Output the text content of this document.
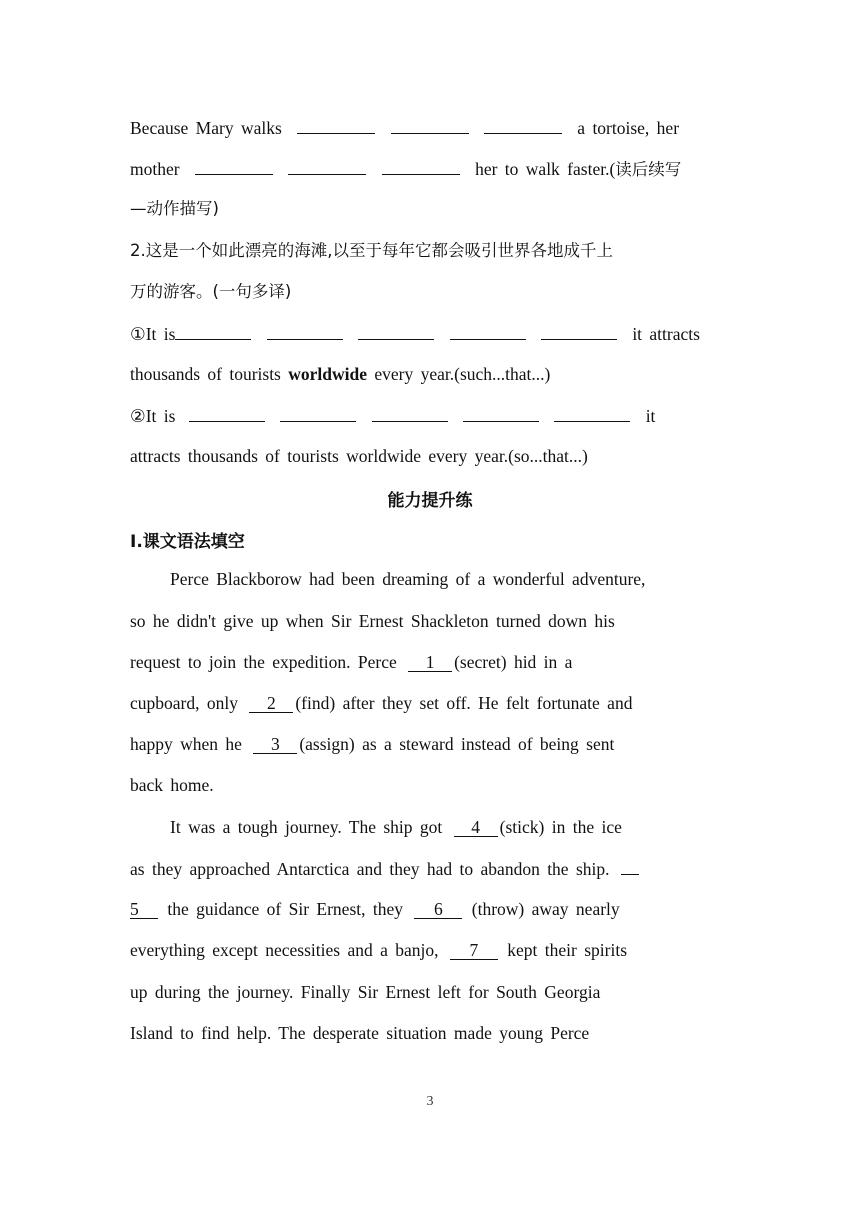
Because Mary walks	a tortoise, her
mother	her to walk faster.(读后续写
—动作描写)
2.这是一个如此漂亮的海滩,以至于每年它都会吸引世界各地成千上
万的游客。(一句多译)
①It is	it attracts
thousands of tourists worldwide every year.(such...that...)
②It is	it
attracts thousands of tourists worldwide every year.(so...that...)
能力提升练
Ⅰ.课文语法填空
Perce Blackborow had been dreaming of a wonderful adventure,
so he didn't give up when Sir Ernest Shackleton turned down his
request to join the expedition. Perce 1 (secret) hid in a
cupboard, only 2 (find) after they set off. He felt fortunate and
happy when he 3 (assign) as a steward instead of being sent
back home.
It was a tough journey. The ship got 4 (stick) in the ice
as they approached Antarctica and they had to abandon the ship.
5 the guidance of Sir Ernest, they 6 (throw) away nearly
everything except necessities and a banjo, 7 kept their spirits
up during the journey. Finally Sir Ernest left for South Georgia
Island to find help. The desperate situation made young Perce
3
